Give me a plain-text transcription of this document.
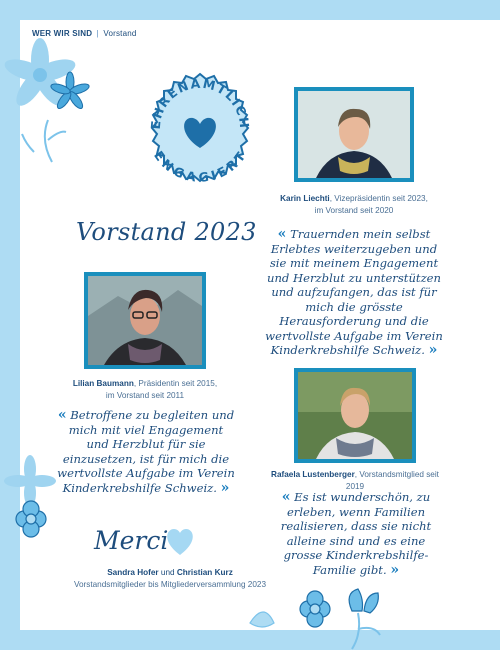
WER WIR SIND | Vorstand
EHRENAMTLICH
ENGAGIERT
Vorstand 2023
Karin Liechti, Vizepräsidentin seit 2023,
im Vorstand seit 2020
« Trauernden mein selbst Erlebtes weiterzugeben und sie mit meinem Engagement und Herzblut zu unterstützen und aufzufangen, das ist für mich die grösste Herausforderung und die wertvollste Aufgabe im Verein Kinderkrebshilfe Schweiz. »
Lilian Baumann, Präsidentin seit 2015,
im Vorstand seit 2011
« Betroffene zu begleiten und mich mit viel Engagement und Herzblut für sie einzusetzen, ist für mich die wertvollste Aufgabe im Verein Kinderkrebshilfe Schweiz. »
Rafaela Lustenberger, Vorstandsmitglied seit 2019
« Es ist wunderschön, zu erleben, wenn Familien realisieren, dass sie nicht alleine sind und es eine grosse Kinderkrebshilfe-Familie gibt. »
Merci
Sandra Hofer und Christian Kurz
Vorstandsmitglieder bis Mitgliederversammlung 2023
